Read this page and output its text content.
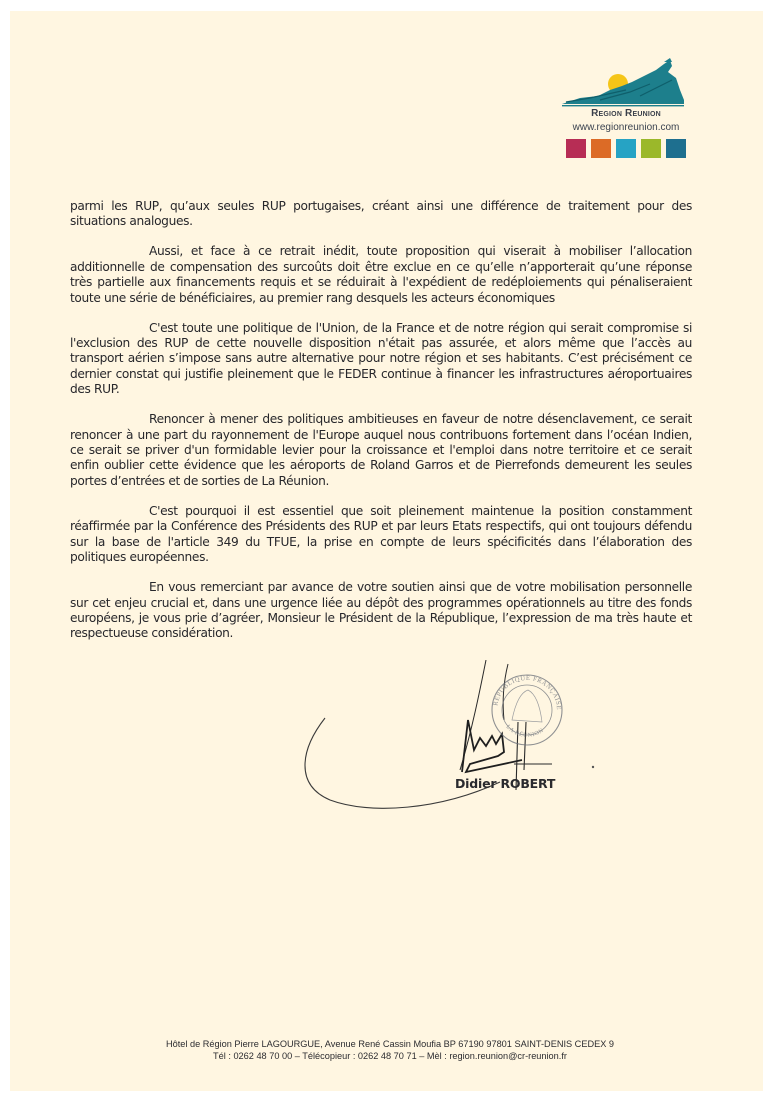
Region Reunion
www.regionreunion.com

parmi les RUP, qu’aux seules RUP portugaises, créant ainsi une différence de traitement pour des situations analogues.

Aussi, et face à ce retrait inédit, toute proposition qui viserait à mobiliser l’allocation additionnelle de compensation des surcoûts doit être exclue en ce qu’elle n’apporterait qu’une réponse très partielle aux financements requis et se réduirait à l'expédient de redéploiements qui pénaliseraient toute une série de bénéficiaires, au premier rang desquels les acteurs économiques

C'est toute une politique de l'Union, de la France et de notre région qui serait compromise si l'exclusion des RUP de cette nouvelle disposition n'était pas assurée, et alors même que l’accès au transport aérien s’impose sans autre alternative pour notre région et ses habitants. C’est précisément ce dernier constat qui justifie pleinement que le FEDER continue à financer les infrastructures aéroportuaires des RUP.

Renoncer à mener des politiques ambitieuses en faveur de notre désenclavement, ce serait renoncer à une part du rayonnement de l'Europe auquel nous contribuons fortement dans l’océan Indien, ce serait se priver d'un formidable levier pour la croissance et l'emploi dans notre territoire et ce serait enfin oublier cette évidence que les aéroports de Roland Garros et de Pierrefonds demeurent les seules portes d’entrées et de sorties de La Réunion.

C'est pourquoi il est essentiel que soit pleinement maintenue la position constamment réaffirmée par la Conférence des Présidents des RUP et par leurs Etats respectifs, qui ont toujours défendu sur la base de l'article 349 du TFUE, la prise en compte de leurs spécificités dans l’élaboration des politiques européennes.

En vous remerciant par avance de votre soutien ainsi que de votre mobilisation personnelle sur cet enjeu crucial et, dans une urgence liée au dépôt des programmes opérationnels au titre des fonds européens, je vous prie d’agréer, Monsieur le Président de la République, l’expression de ma très haute et respectueuse considération.

RÉPUBLIQUE FRANÇAISE
LA RÉUNION
Didier ROBERT
Hôtel de Région Pierre LAGOURGUE, Avenue René Cassin Moufia BP 67190 97801 SAINT-DENIS CEDEX 9
Tél : 0262 48 70 00 – Télécopieur : 0262 48 70 71 – Mèl : region.reunion@cr-reunion.fr
